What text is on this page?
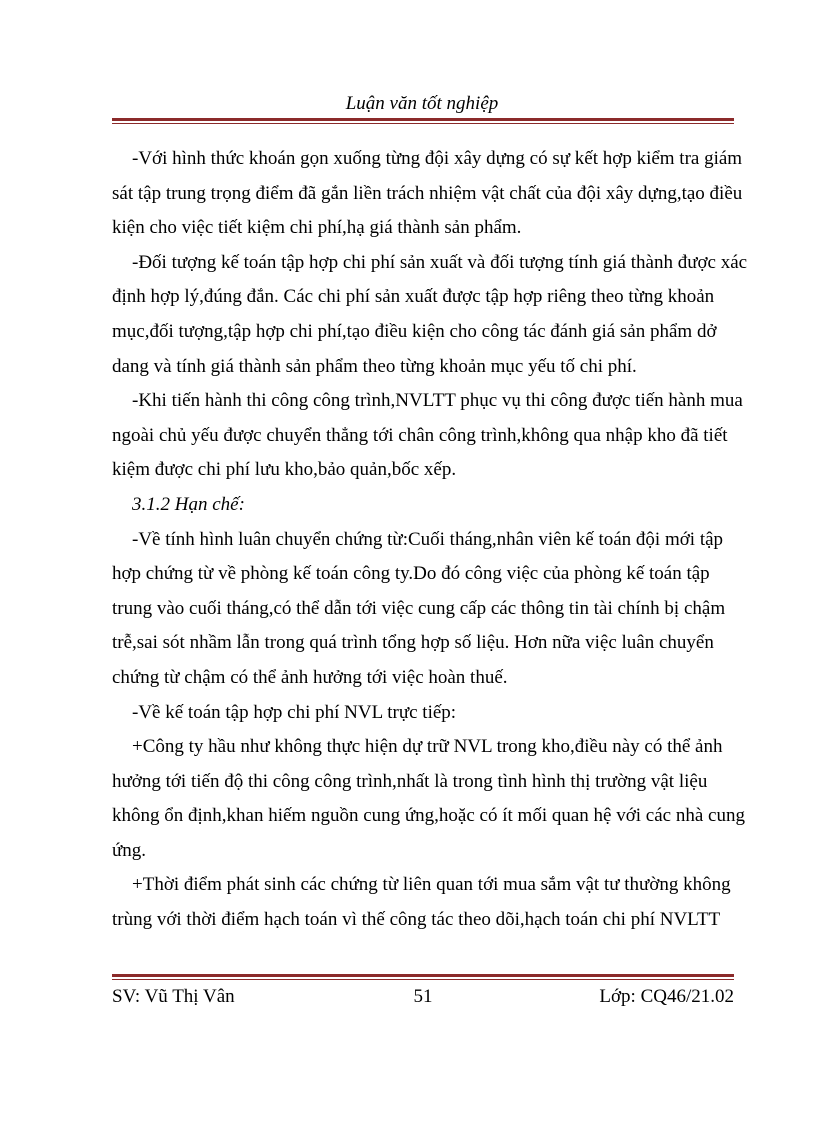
Luận văn tốt nghiệp

-Với hình thức khoán gọn xuống từng đội xây dựng có sự kết hợp kiểm tra giám

sát tập trung trọng điểm đã gắn liền trách nhiệm vật chất của đội xây dựng,tạo điều

kiện cho việc tiết kiệm chi phí,hạ giá thành sản phẩm.

-Đối tượng kế toán tập hợp chi phí sản xuất và đối tượng tính giá thành được xác

định hợp lý,đúng đắn. Các chi phí sản xuất được tập hợp riêng theo từng khoản

mục,đối tượng,tập hợp chi phí,tạo điều kiện cho công tác đánh giá sản phẩm dở

dang và tính giá thành sản phẩm theo từng khoản mục yếu tố chi phí.

-Khi tiến hành thi công công trình,NVLTT phục vụ thi công được tiến hành mua

ngoài chủ yếu được chuyển thẳng tới chân công trình,không qua nhập kho đã tiết

kiệm được chi phí lưu kho,bảo quản,bốc xếp.

3.1.2 Hạn chế:

-Về tính hình luân chuyển chứng từ:Cuối tháng,nhân viên kế toán đội mới tập

hợp chứng từ về phòng kế toán công ty.Do đó công việc của phòng kế toán tập

trung vào cuối tháng,có thể dẫn tới việc cung cấp các thông tin tài chính bị chậm

trễ,sai sót nhầm lẫn trong quá trình tổng hợp số liệu. Hơn nữa việc luân chuyển

chứng từ chậm có thể ảnh hưởng tới việc hoàn thuế.

-Về kế toán tập hợp chi phí NVL trực tiếp:

+Công ty hầu như không thực hiện dự trữ NVL trong kho,điều này có thể ảnh

hưởng tới tiến độ thi công công trình,nhất là trong tình hình thị trường vật liệu

không ổn định,khan hiếm nguồn cung ứng,hoặc có ít mối quan hệ với các nhà cung

ứng.

+Thời điểm phát sinh các chứng từ liên quan tới mua sắm vật tư thường không

trùng với thời điểm hạch toán vì thế công tác theo dõi,hạch toán chi phí NVLTT

SV: Vũ Thị Vân	51	Lớp: CQ46/21.02
